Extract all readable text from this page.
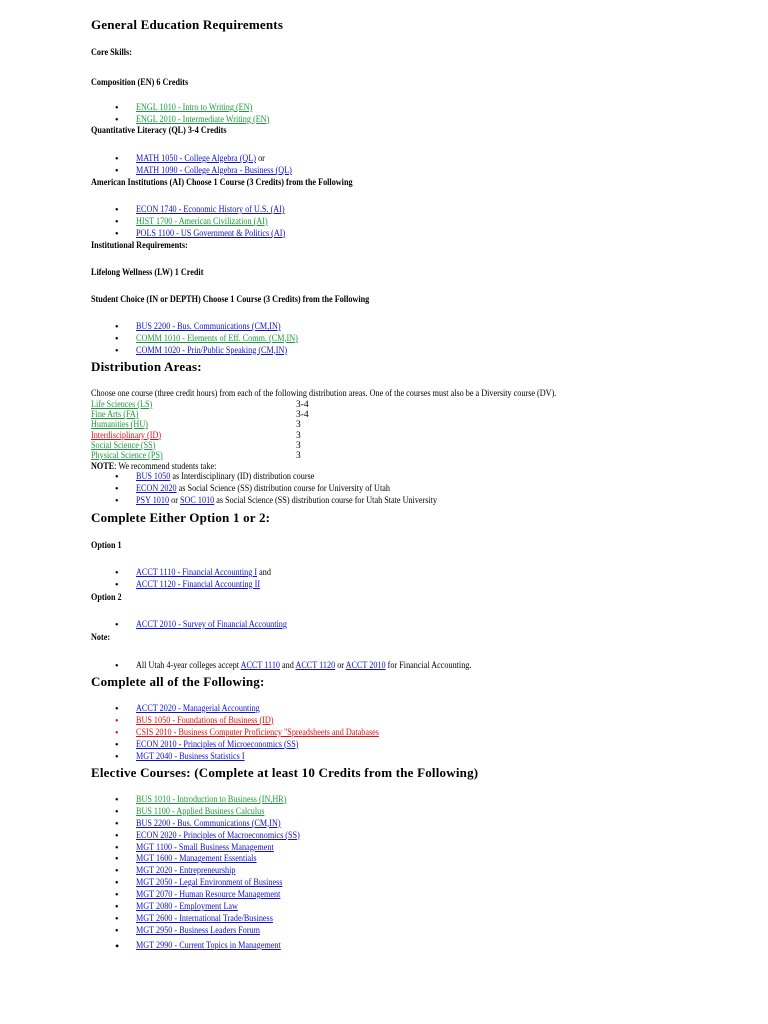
General Education Requirements
Core Skills:
Composition (EN) 6 Credits
• ENGL 1010 - Intro to Writing (EN)
• ENGL 2010 - Intermediate Writing (EN)
Quantitative Literacy (QL) 3-4 Credits
• MATH 1050 - College Algebra (QL) or
• MATH 1090 - College Algebra - Business (QL)
American Institutions (AI) Choose 1 Course (3 Credits) from the Following
• ECON 1740 - Economic History of U.S. (AI)
• HIST 1700 - American Civilization (AI)
• POLS 1100 - US Government & Politics (AI)
Institutional Requirements:
Lifelong Wellness (LW) 1 Credit
Student Choice (IN or DEPTH) Choose 1 Course (3 Credits) from the Following
• BUS 2200 - Bus. Communications (CM,IN)
• COMM 1010 - Elements of Eff. Comm. (CM,IN)
• COMM 1020 - Prin/Public Speaking (CM,IN)
Distribution Areas:
Choose one course (three credit hours) from each of the following distribution areas. One of the courses must also be a Diversity course (DV).
Life Sciences (LS)	3-4
Fine Arts (FA)	3-4
Humanities (HU)	3
Interdisciplinary (ID)	3
Social Science (SS)	3
Physical Science (PS)	3
NOTE: We recommend students take:
• BUS 1050 as Interdisciplinary (ID) distribution course
• ECON 2020 as Social Science (SS) distribution course for University of Utah
• PSY 1010 or SOC 1010 as Social Science (SS) distribution course for Utah State University
Complete Either Option 1 or 2:
Option 1
• ACCT 1110 - Financial Accounting I and
• ACCT 1120 - Financial Accounting II
Option 2
• ACCT 2010 - Survey of Financial Accounting
Note:
• All Utah 4-year colleges accept ACCT 1110 and ACCT 1120 or ACCT 2010 for Financial Accounting.
Complete all of the Following:
• ACCT 2020 - Managerial Accounting
• BUS 1050 - Foundations of Business (ID)
• CSIS 2010 - Business Computer Proficiency "Spreadsheets and Databases
• ECON 2010 - Principles of Microeconomics (SS)
• MGT 2040 - Business Statistics I
Elective Courses: (Complete at least 10 Credits from the Following)
• BUS 1010 - Introduction to Business (IN,HR)
• BUS 1100 - Applied Business Calculus
• BUS 2200 - Bus. Communications (CM,IN)
• ECON 2020 - Principles of Macroeconomics (SS)
• MGT 1100 - Small Business Management
• MGT 1600 - Management Essentials
• MGT 2020 - Entrepreneurship
• MGT 2050 - Legal Environment of Business
• MGT 2070 - Human Resource Management
• MGT 2080 - Employment Law
• MGT 2600 - International Trade/Business
• MGT 2950 - Business Leaders Forum
• MGT 2990 - Current Topics in Management
